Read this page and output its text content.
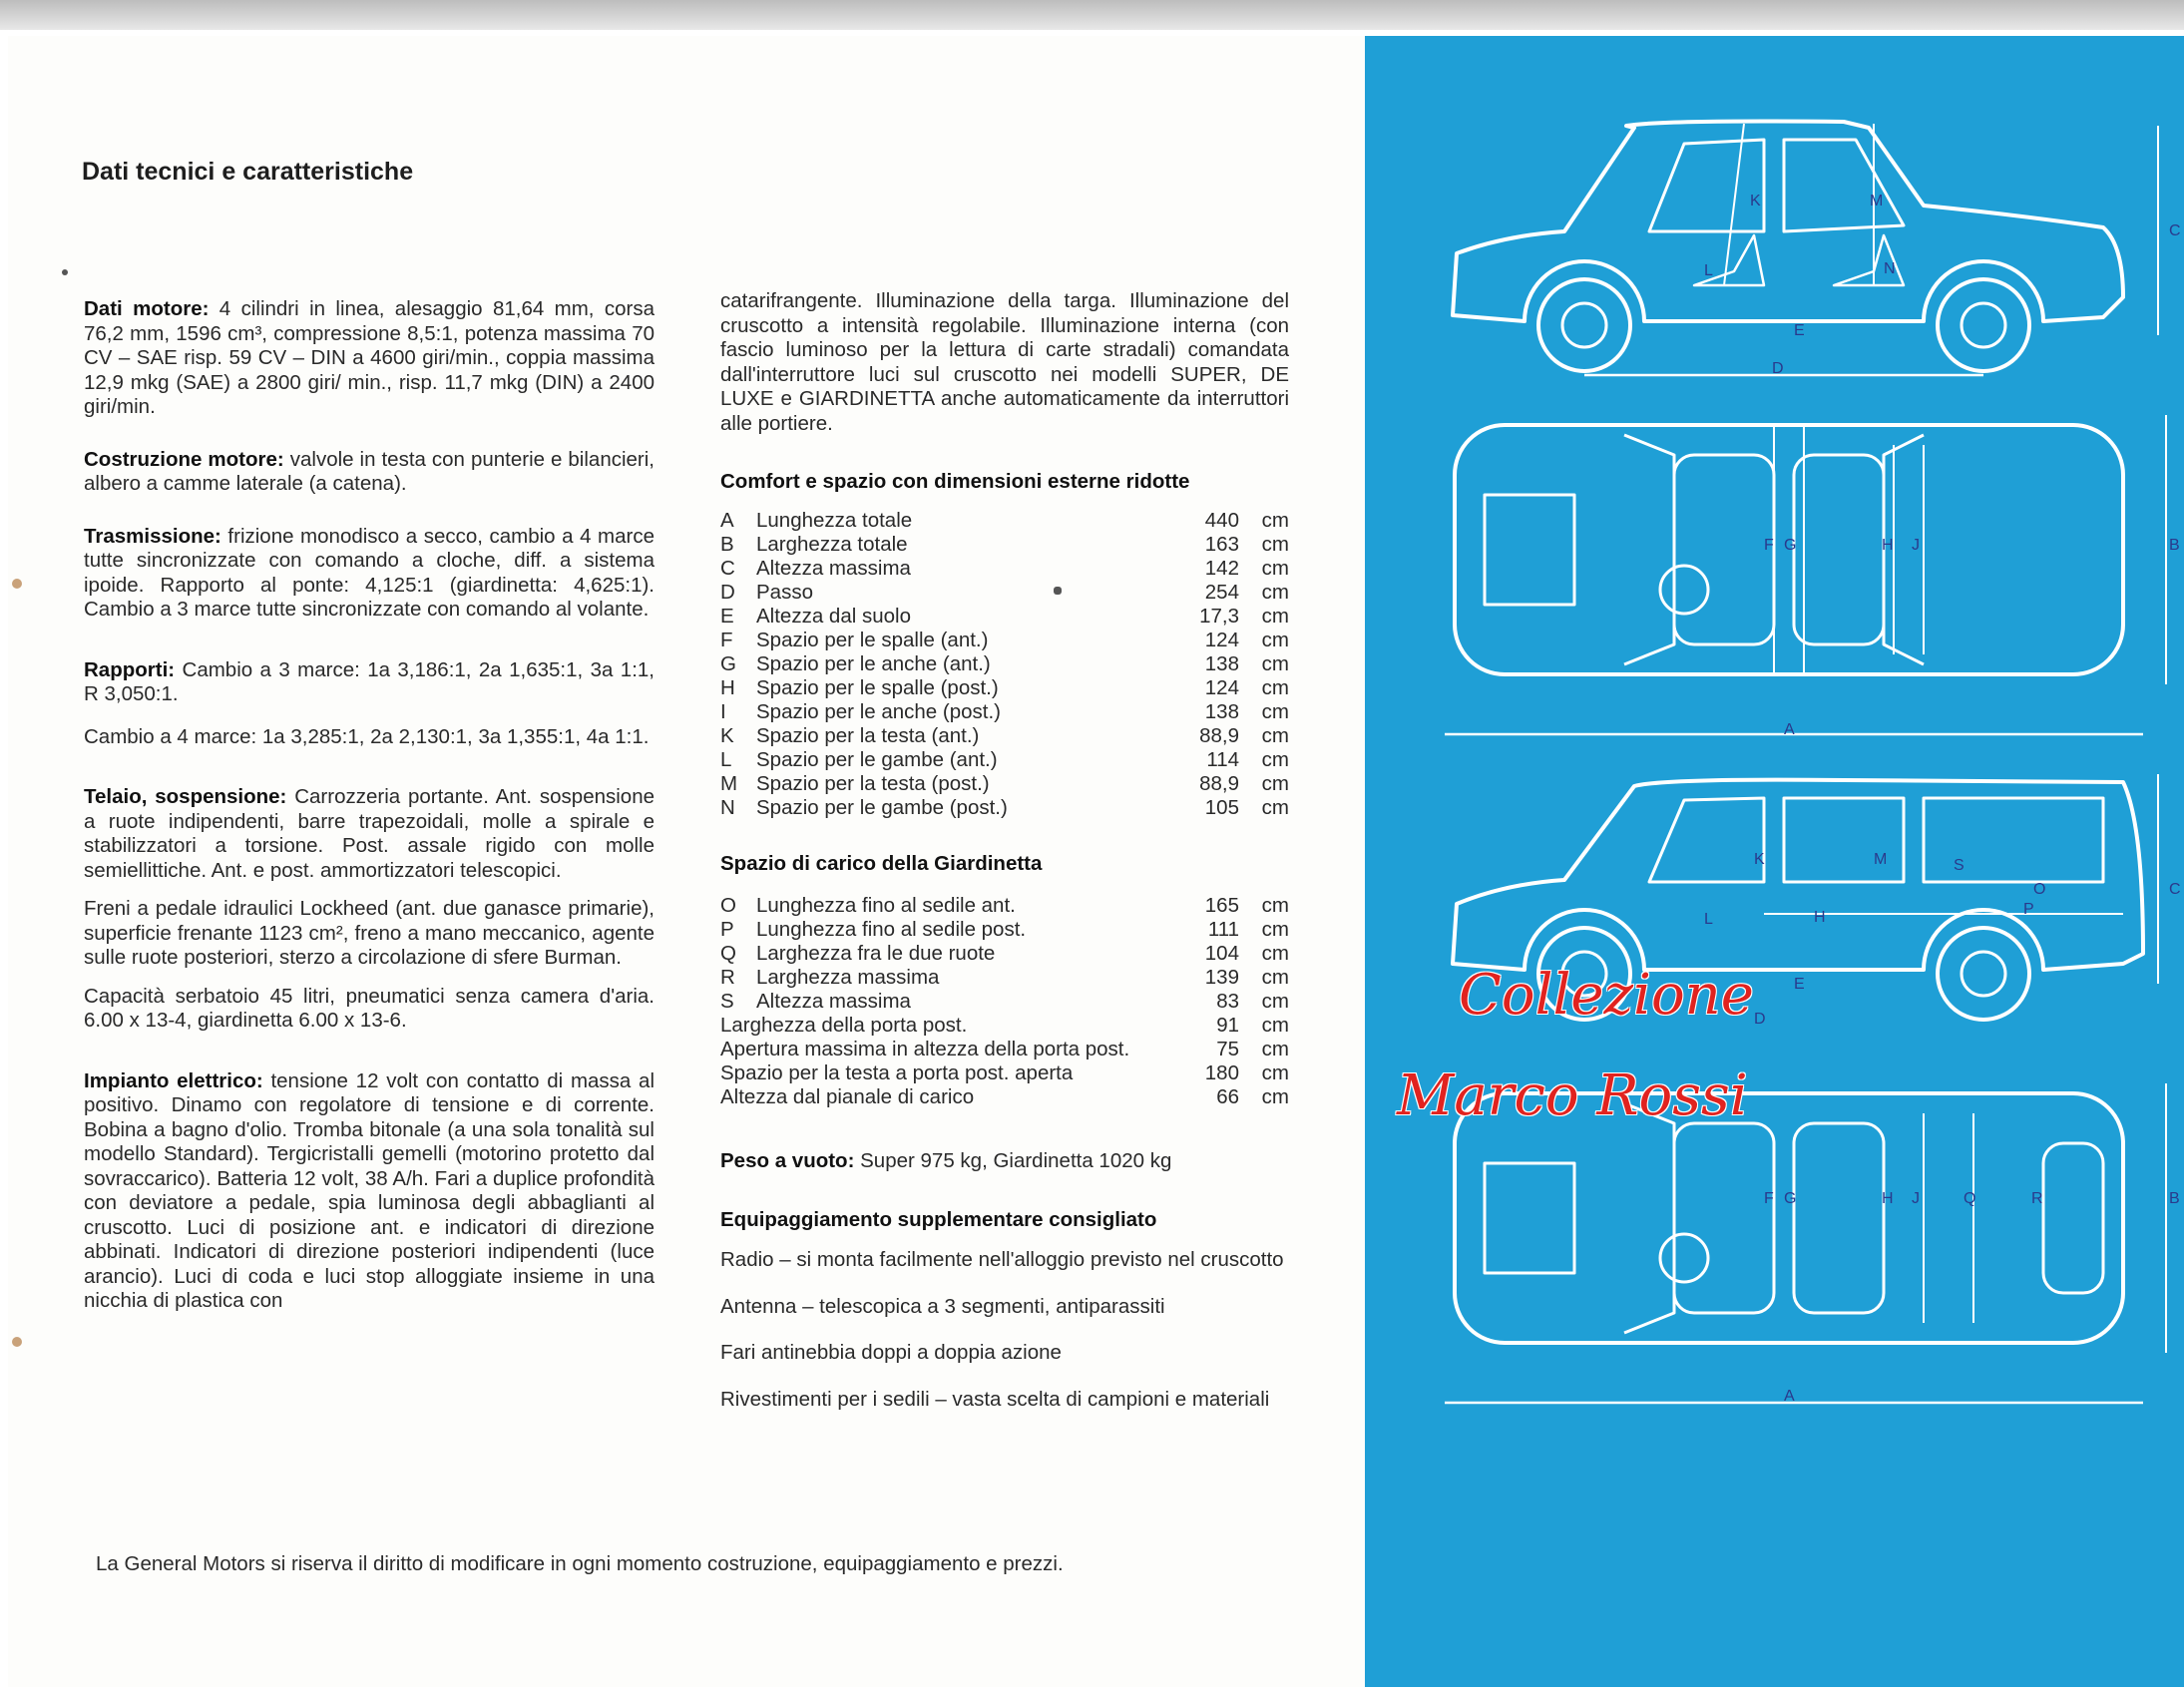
Dati tecnici e caratteristiche

Dati motore: 4 cilindri in linea, alesaggio 81,64 mm, corsa 76,2 mm, 1596 cm³, compressione 8,5:1, potenza massima 70 CV – SAE risp. 59 CV – DIN a 4600 giri/min., coppia massima 12,9 mkg (SAE) a 2800 giri/ min., risp. 11,7 mkg (DIN) a 2400 giri/min.

Costruzione motore: valvole in testa con punterie e bilancieri, albero a camme laterale (a catena).

Trasmissione: frizione monodisco a secco, cambio a 4 marce tutte sincronizzate con comando a cloche, diff. a sistema ipoide. Rapporto al ponte: 4,125:1 (giardinetta: 4,625:1). Cambio a 3 marce tutte sincronizzate con comando al volante.

Rapporti: Cambio a 3 marce: 1a 3,186:1, 2a 1,635:1, 3a 1:1, R 3,050:1.

Cambio a 4 marce: 1a 3,285:1, 2a 2,130:1, 3a 1,355:1, 4a 1:1.

Telaio, sospensione: Carrozzeria portante. Ant. sospensione a ruote indipendenti, barre trapezoidali, molle a spirale e stabilizzatori a torsione. Post. assale rigido con molle semiellittiche. Ant. e post. ammortizzatori telescopici.

Freni a pedale idraulici Lockheed (ant. due ganasce primarie), superficie frenante 1123 cm², freno a mano meccanico, agente sulle ruote posteriori, sterzo a circolazione di sfere Burman.

Capacità serbatoio 45 litri, pneumatici senza camera d'aria. 6.00 x 13-4, giardinetta 6.00 x 13-6.

Impianto elettrico: tensione 12 volt con contatto di massa al positivo. Dinamo con regolatore di tensione e di corrente. Bobina a bagno d'olio. Tromba bitonale (a una sola tonalità sul modello Standard). Tergicristalli gemelli (motorino protetto dal sovraccarico). Batteria 12 volt, 38 A/h. Fari a duplice profondità con deviatore a pedale, spia luminosa degli abbaglianti al cruscotto. Luci di posizione ant. e indicatori di direzione abbinati. Indicatori di direzione posteriori indipendenti (luce arancio). Luci di coda e luci stop alloggiate insieme in una nicchia di plastica con

catarifrangente. Illuminazione della targa. Illuminazione del cruscotto a intensità regolabile. Illuminazione interna (con fascio luminoso per la lettura di carte stradali) comandata dall'interruttore luci sul cruscotto nei modelli SUPER, DE LUXE e GIARDINETTA anche automaticamente da interruttori alle portiere.

Comfort e spazio con dimensioni esterne ridotte
A	Lunghezza totale	440	cm
B	Larghezza totale	163	cm
C	Altezza massima	142	cm
D	Passo	254	cm
E	Altezza dal suolo	17,3	cm
F	Spazio per le spalle (ant.)	124	cm
G Spazio per le anche (ant.)	138	cm
H	Spazio per le spalle (post.)	124	cm
I	Spazio per le anche (post.)	138	cm
K	Spazio per la testa (ant.)	88,9	cm
L	Spazio per le gambe (ant.)	114	cm
M Spazio per la testa (post.)	88,9	cm
N	Spazio per le gambe (post.)	105	cm
Spazio di carico della Giardinetta
O Lunghezza fino al sedile ant.	165	cm
P	Lunghezza fino al sedile post.	111	cm
Q Larghezza fra le due ruote	104	cm
R	Larghezza massima	139	cm
S	Altezza massima	83	cm
Larghezza della porta post.	91	cm
Apertura massima in altezza della porta post.	75	cm
Spazio per la testa a porta post. aperta	180	cm
Altezza dal pianale di carico	66	cm

Peso a vuoto: Super 975 kg, Giardinetta 1020 kg

Equipaggiamento supplementare consigliato

Radio – si monta facilmente nell'alloggio previsto nel cruscotto

Antenna – telescopica a 3 segmenti, antiparassiti

Fari antinebbia doppi a doppia azione

Rivestimenti per i sedili – vasta scelta di campioni e materiali

La General Motors si riserva il diritto di modificare in ogni momento costruzione, equipaggiamento e prezzi.
K	M
L	N
E
D
C
F G	H J
A
B
K	M	S
O
P
L	H
E
D
C
F G	H J	Q	R
A
B
Collezione
Marco Rossi
